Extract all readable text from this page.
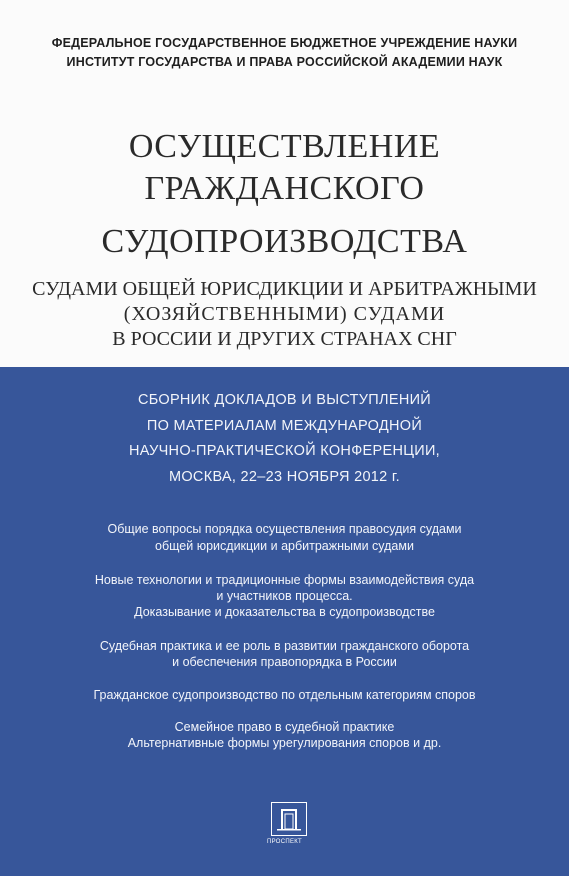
ФЕДЕРАЛЬНОЕ ГОСУДАРСТВЕННОЕ БЮДЖЕТНОЕ УЧРЕЖДЕНИЕ НАУКИ
ИНСТИТУТ ГОСУДАРСТВА И ПРАВА РОССИЙСКОЙ АКАДЕМИИ НАУК
ОСУЩЕСТВЛЕНИЕ
ГРАЖДАНСКОГО
СУДОПРОИЗВОДСТВА
СУДАМИ ОБЩЕЙ ЮРИСДИКЦИИ И АРБИТРАЖНЫМИ
(ХОЗЯЙСТВЕННЫМИ) СУДАМИ
В РОССИИ И ДРУГИХ СТРАНАХ СНГ
СБОРНИК ДОКЛАДОВ И ВЫСТУПЛЕНИЙ
ПО МАТЕРИАЛАМ МЕЖДУНАРОДНОЙ
НАУЧНО-ПРАКТИЧЕСКОЙ КОНФЕРЕНЦИИ,
МОСКВА, 22–23 НОЯБРЯ 2012 г.
Общие вопросы порядка осуществления правосудия судами
общей юрисдикции и арбитражными судами
Новые технологии и традиционные формы взаимодействия суда
и участников процесса.
Доказывание и доказательства в судопроизводстве
Судебная практика и ее роль в развитии гражданского оборота
и обеспечения правопорядка в России
Гражданское судопроизводство по отдельным категориям споров
Семейное право в судебной практике
Альтернативные формы урегулирования споров и др.
ПРОСПЕКТ
